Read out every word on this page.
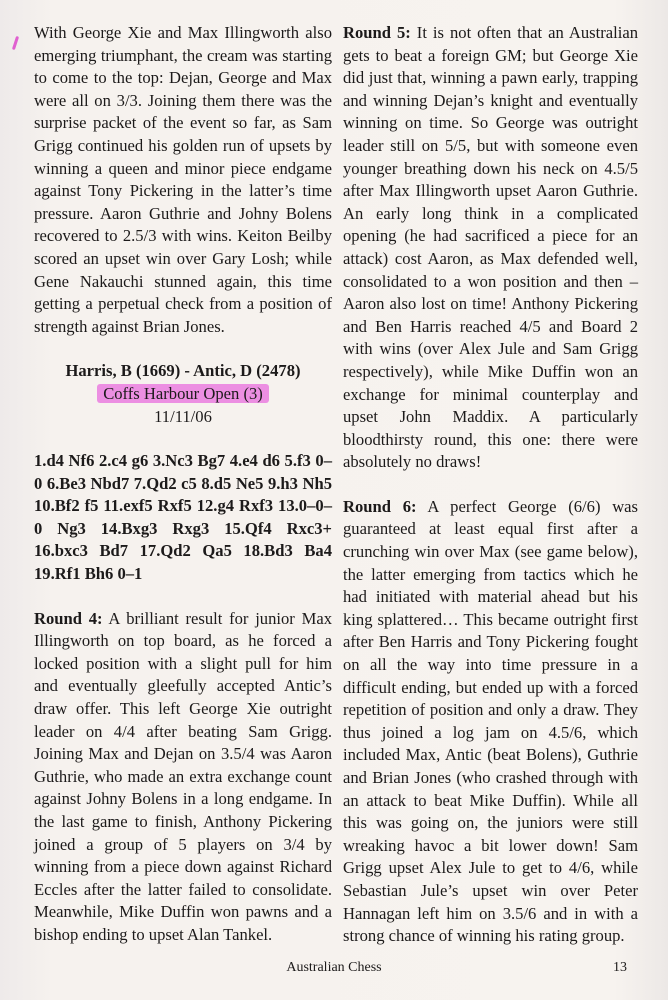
With George Xie and Max Illingworth also emerging triumphant, the cream was starting to come to the top: Dejan, George and Max were all on 3/3. Joining them there was the surprise packet of the event so far, as Sam Grigg continued his golden run of upsets by winning a queen and minor piece endgame against Tony Pickering in the latter’s time pressure. Aaron Guthrie and Johny Bolens recovered to 2.5/3 with wins. Keiton Beilby scored an upset win over Gary Losh; while Gene Nakauchi stunned again, this time getting a perpetual check from a position of strength against Brian Jones.

Harris, B (1669) - Antic, D (2478)
Coffs Harbour Open (3)
11/11/06

1.d4 Nf6 2.c4 g6 3.Nc3 Bg7 4.e4 d6 5.f3 0–0 6.Be3 Nbd7 7.Qd2 c5 8.d5 Ne5 9.h3 Nh5 10.Bf2 f5 11.exf5 Rxf5 12.g4 Rxf3 13.0–0–0 Ng3 14.Bxg3 Rxg3 15.Qf4 Rxc3+ 16.bxc3 Bd7 17.Qd2 Qa5 18.Bd3 Ba4 19.Rf1 Bh6 0–1

Round 4: A brilliant result for junior Max Illingworth on top board, as he forced a locked position with a slight pull for him and eventually gleefully accepted Antic’s draw offer. This left George Xie outright leader on 4/4 after beating Sam Grigg. Joining Max and Dejan on 3.5/4 was Aaron Guthrie, who made an extra exchange count against Johny Bolens in a long endgame. In the last game to finish, Anthony Pickering joined a group of 5 players on 3/4 by winning from a piece down against Richard Eccles after the latter failed to consolidate. Meanwhile, Mike Duffin won pawns and a bishop ending to upset Alan Tankel.

Round 5: It is not often that an Australian gets to beat a foreign GM; but George Xie did just that, winning a pawn early, trapping and winning Dejan’s knight and eventually winning on time. So George was outright leader still on 5/5, but with someone even younger breathing down his neck on 4.5/5 after Max Illingworth upset Aaron Guthrie. An early long think in a complicated opening (he had sacrificed a piece for an attack) cost Aaron, as Max defended well, consolidated to a won position and then – Aaron also lost on time! Anthony Pickering and Ben Harris reached 4/5 and Board 2 with wins (over Alex Jule and Sam Grigg respectively), while Mike Duffin won an exchange for minimal counterplay and upset John Maddix. A particularly bloodthirsty round, this one: there were absolutely no draws!

Round 6: A perfect George (6/6) was guaranteed at least equal first after a crunching win over Max (see game below), the latter emerging from tactics which he had initiated with material ahead but his king splattered… This became outright first after Ben Harris and Tony Pickering fought on all the way into time pressure in a difficult ending, but ended up with a forced repetition of position and only a draw. They thus joined a log jam on 4.5/6, which included Max, Antic (beat Bolens), Guthrie and Brian Jones (who crashed through with an attack to beat Mike Duffin). While all this was going on, the juniors were still wreaking havoc a bit lower down! Sam Grigg upset Alex Jule to get to 4/6, while Sebastian Jule’s upset win over Peter Hannagan left him on 3.5/6 and in with a strong chance of winning his rating group.

Australian Chess	13
